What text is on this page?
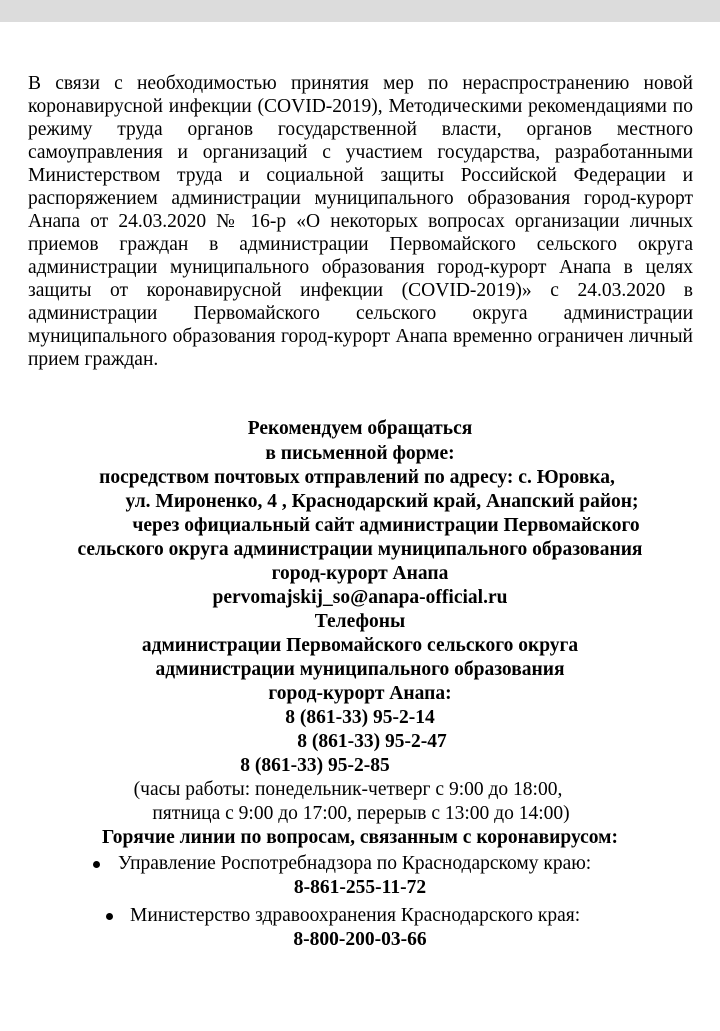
В связи с необходимостью принятия мер по нераспространению новой коронавирусной инфекции (COVID-2019), Методическими рекомендациями по режиму труда органов государственной власти, органов местного самоуправления и организаций с участием государства, разработанными Министерством труда и социальной защиты Российской Федерации и распоряжением администрации муниципального образования город-курорт Анапа от 24.03.2020 № 16-р «О некоторых вопросах организации личных приемов граждан в администрации Первомайского сельского округа администрации муниципального образования город-курорт Анапа в целях защиты от коронавирусной инфекции (COVID-2019)» с 24.03.2020 в администрации Первомайского сельского округа администрации муниципального образования город-курорт Анапа временно ограничен личный прием граждан.
Рекомендуем обращаться
в письменной форме:
посредством почтовых отправлений по адресу: с. Юровка,
ул. Мироненко, 4 , Краснодарский край, Анапский район;
через официальный сайт администрации Первомайского
сельского округа администрации муниципального образования
город-курорт Анапа
pervomajskij_so@anapa-official.ru
Телефоны
администрации Первомайского сельского округа
администрации муниципального образования
город-курорт Анапа:
8 (861-33) 95-2-14
8 (861-33) 95-2-47
8 (861-33) 95-2-85
(часы работы: понедельник-четверг с 9:00 до 18:00,
пятница с 9:00 до 17:00, перерыв с 13:00 до 14:00)
Горячие линии по вопросам, связанным с коронавирусом:
Управление Роспотребнадзора по Краснодарскому краю:
8-861-255-11-72
Министерство здравоохранения Краснодарского края:
8-800-200-03-66
